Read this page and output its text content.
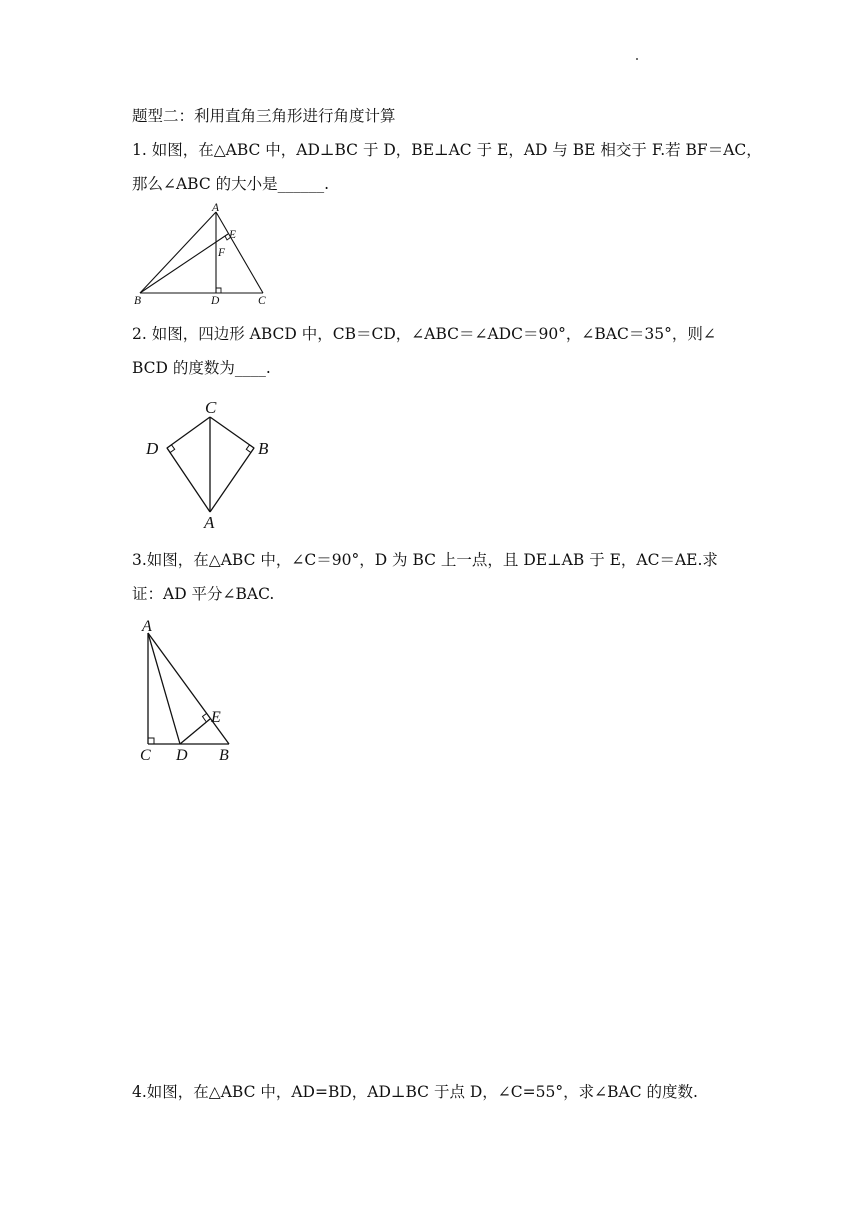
题型二：利用直角三角形进行角度计算
1. 如图，在△ABC 中，AD⊥BC 于 D，BE⊥AC 于 E，AD 与 BE 相交于 F.若 BF＝AC，
那么∠ABC 的大小是______.
A
B	C
D
E
F
2. 如图，四边形 ABCD 中，CB＝CD，∠ABC＝∠ADC＝90°，∠BAC＝35°，则∠
BCD 的度数为____.
C
D	B
A
3.如图，在△ABC 中，∠C＝90°，D 为 BC 上一点，且 DE⊥AB 于 E，AC＝AE.求
证：AD 平分∠BAC.
A
C D B
E
4.如图，在△ABC 中，AD=BD，AD⊥BC 于点 D，∠C=55°，求∠BAC 的度数.
